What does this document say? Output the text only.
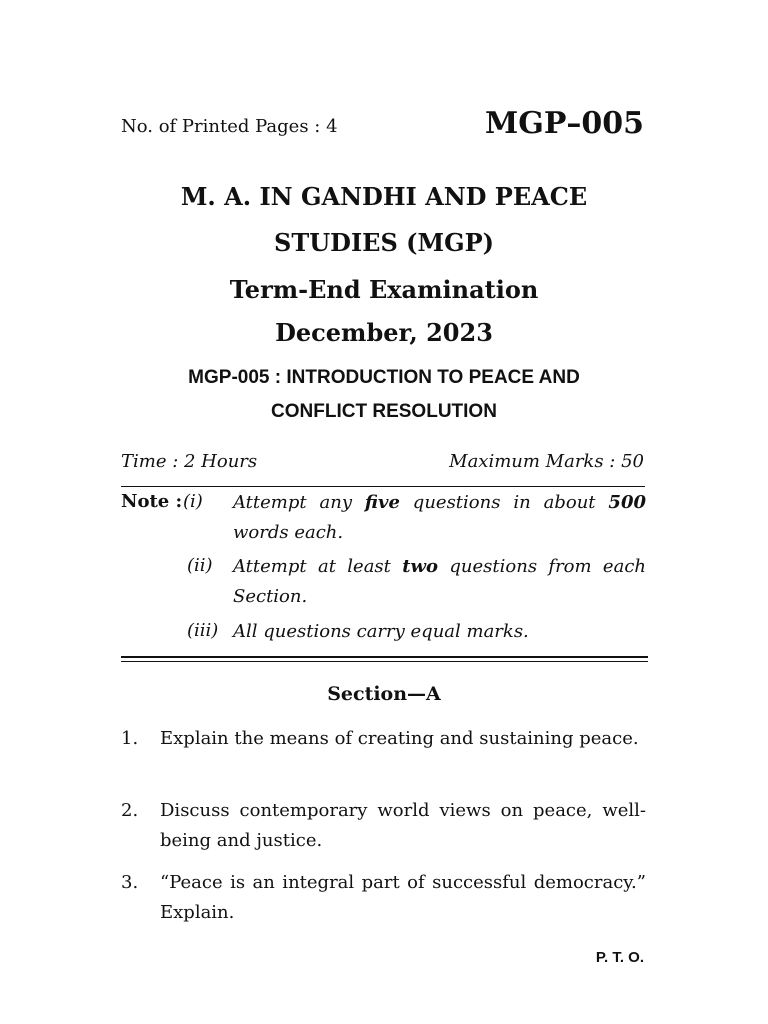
No. of Printed Pages : 4	MGP–005
M. A. IN GANDHI AND PEACE
STUDIES (MGP)
Term-End Examination
December, 2023
MGP-005 : INTRODUCTION TO PEACE AND
CONFLICT RESOLUTION
Time : 2 Hours	Maximum Marks : 50
Note : (i) Attempt any five questions in about 500 words each.
(ii) Attempt at least two questions from each Section.
(iii) All questions carry equal marks.
Section—A
1. Explain the means of creating and sustaining peace.
2. Discuss contemporary world views on peace, well-being and justice.
3. “Peace is an integral part of successful democracy.” Explain.
P. T. O.
